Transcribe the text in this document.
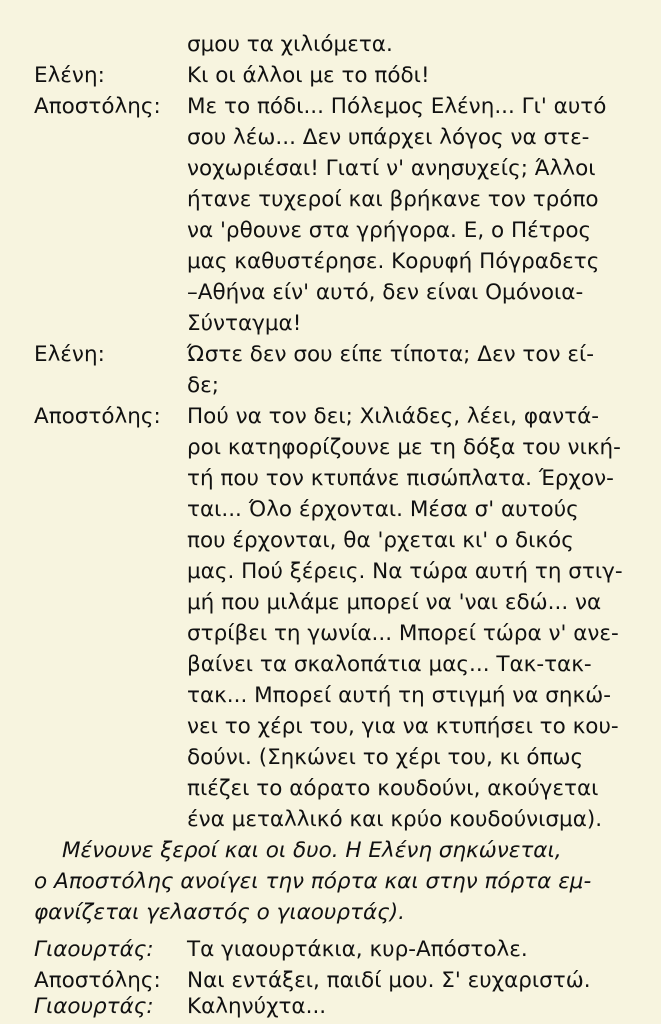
σμου τα χιλιόμετα.
Ελένη:	Κι οι άλλοι με το πόδι!
Αποστόλης: Με το πόδι... Πόλεμος Ελένη... Γι' αυτό
σου λέω... Δεν υπάρχει λόγος να στε-
νοχωριέσαι! Γιατί ν' ανησυχείς; Άλλοι
ήτανε τυχεροί και βρήκανε τον τρόπο
να 'ρθουνε στα γρήγορα. Ε, ο Πέτρος
μας καθυστέρησε. Κορυφή Πόγραδετς
–Αθήνα είν' αυτό, δεν είναι Ομόνοια-
Σύνταγμα!
Ελένη:	Ώστε δεν σου είπε τίποτα; Δεν τον εί-
δε;
Αποστόλης: Πού να τον δει; Χιλιάδες, λέει, φαντά-
ροι κατηφορίζουνε με τη δόξα του νική-
τή που τον κτυπάνε πισώπλατα. Έρχον-
ται... Όλο έρχονται. Μέσα σ' αυτούς
που έρχονται, θα 'ρχεται κι' ο δικός
μας. Πού ξέρεις. Να τώρα αυτή τη στιγ-
μή που μιλάμε μπορεί να 'ναι εδώ... να
στρίβει τη γωνία... Μπορεί τώρα ν' ανε-
βαίνει τα σκαλοπάτια μας... Τακ-τακ-
τακ... Μπορεί αυτή τη στιγμή να σηκώ-
νει το χέρι του, για να κτυπήσει το κου-
δούνι. (Σηκώνει το χέρι του, κι όπως
πιέζει το αόρατο κουδούνι, ακούγεται
ένα μεταλλικό και κρύο κουδούνισμα).
Μένουνε ξεροί και οι δυο. Η Ελένη σηκώνεται,
ο Αποστόλης ανοίγει την πόρτα και στην πόρτα εμ-
φανίζεται γελαστός ο γιαουρτάς).
Γιαουρτάς: Τα γιαουρτάκια, κυρ-Απόστολε.
Αποστόλης: Ναι εντάξει, παιδί μου. Σ' ευχαριστώ.
Γιαουρτάς: Καληνύχτα...
